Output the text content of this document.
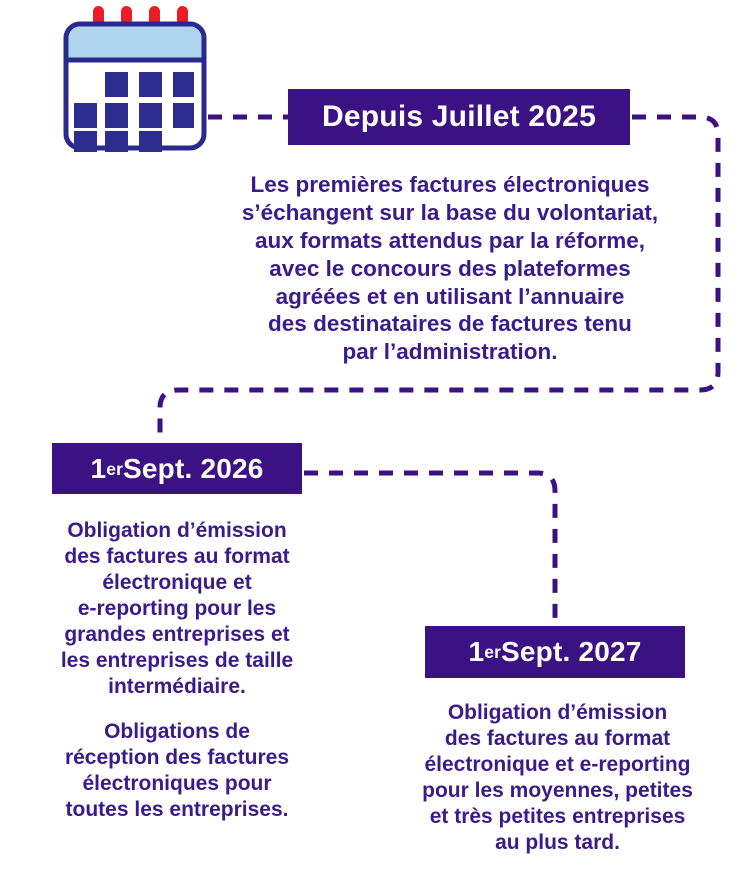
Depuis Juillet 2025

Les premières factures électroniques

s’échangent sur la base du volontariat,

aux formats attendus par la réforme,

avec le concours des plateformes

agréées et en utilisant l’annuaire

des destinataires de factures tenu

par l’administration.

1 er Sept. 2026

Obligation d’émission

des factures au format

électronique et

e-reporting pour les

grandes entreprises et

les entreprises de taille

intermédiaire.

Obligations de

réception des factures

électroniques pour

toutes les entreprises.

1 er Sept. 2027

Obligation d’émission

des factures au format

électronique et e-reporting

pour les moyennes, petites

et très petites entreprises

au plus tard.
